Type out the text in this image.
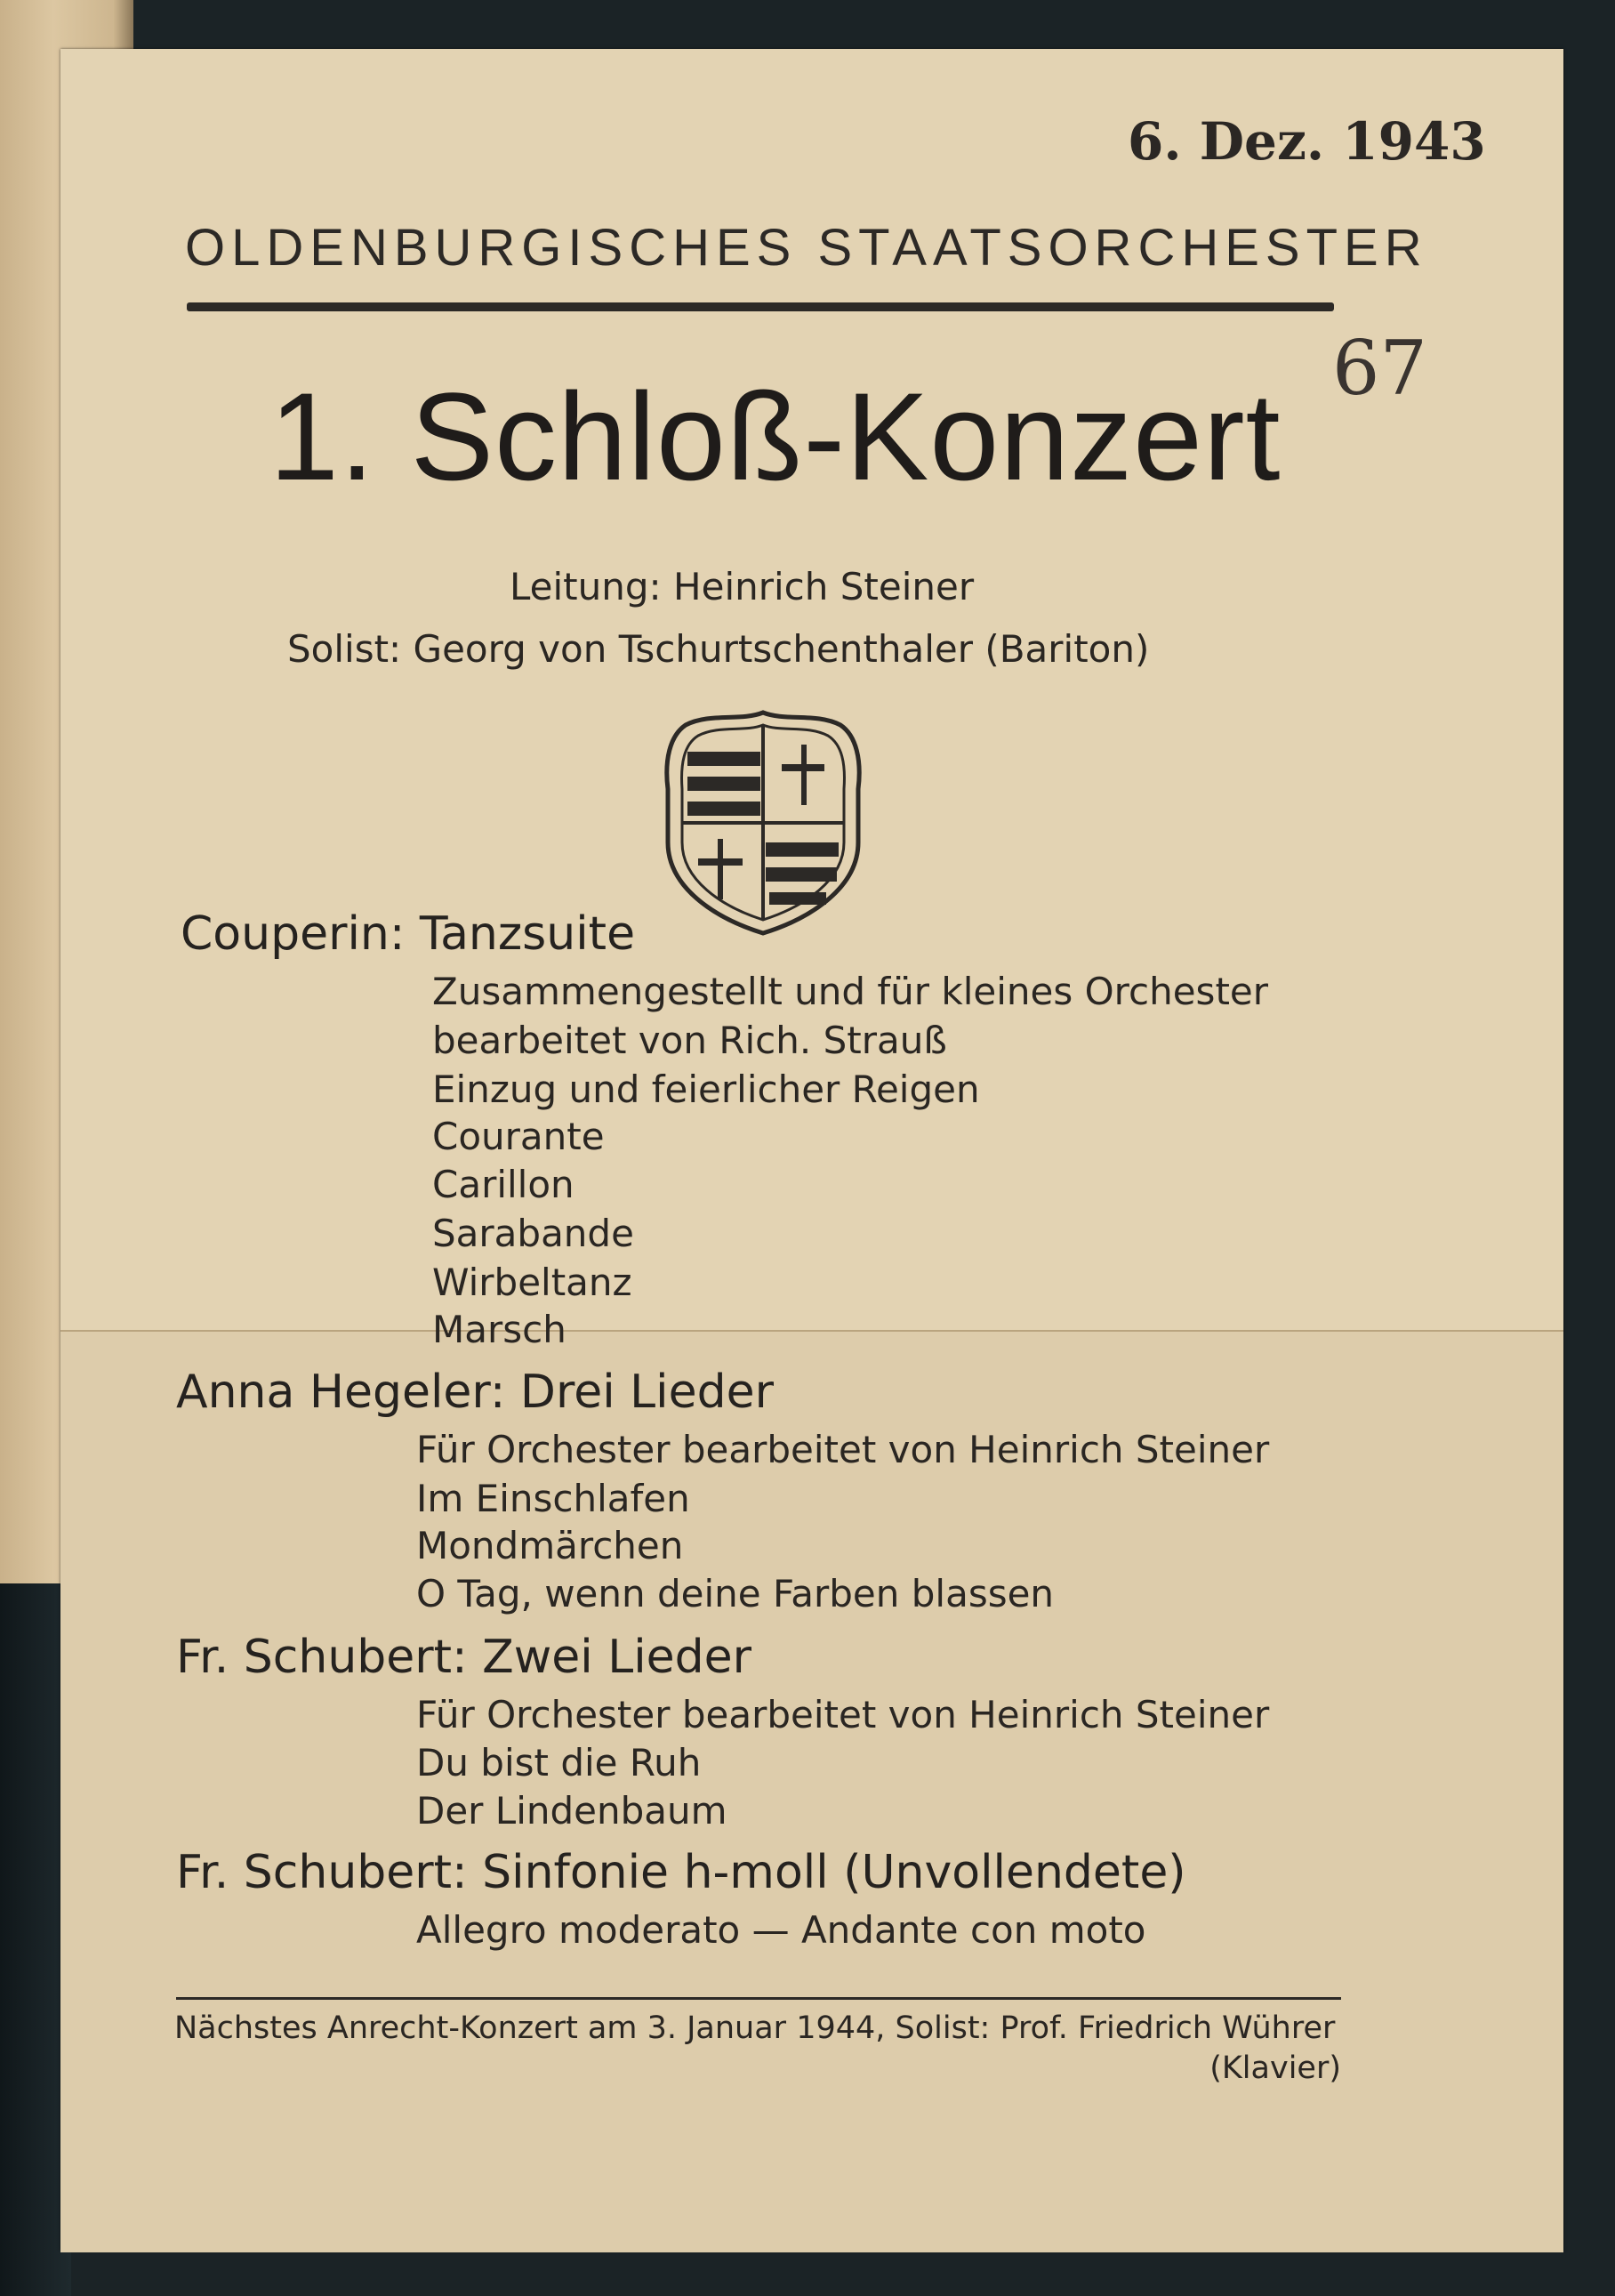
6. Dez. 1943
OLDENBURGISCHES STAATSORCHESTER
67
1. Schloß-Konzert
Leitung: Heinrich Steiner
Solist: Georg von Tschurtschenthaler (Bariton)
Couperin: Tanzsuite
Zusammengestellt und für kleines Orchester
bearbeitet von Rich. Strauß
Einzug und feierlicher Reigen
Courante
Carillon
Sarabande
Wirbeltanz
Marsch
Anna Hegeler: Drei Lieder
Für Orchester bearbeitet von Heinrich Steiner
Im Einschlafen
Mondmärchen
O Tag, wenn deine Farben blassen
Fr. Schubert: Zwei Lieder
Für Orchester bearbeitet von Heinrich Steiner
Du bist die Ruh
Der Lindenbaum
Fr. Schubert: Sinfonie h-moll (Unvollendete)
Allegro moderato — Andante con moto
Nächstes Anrecht-Konzert am 3. Januar 1944, Solist: Prof. Friedrich Wührer
(Klavier)
